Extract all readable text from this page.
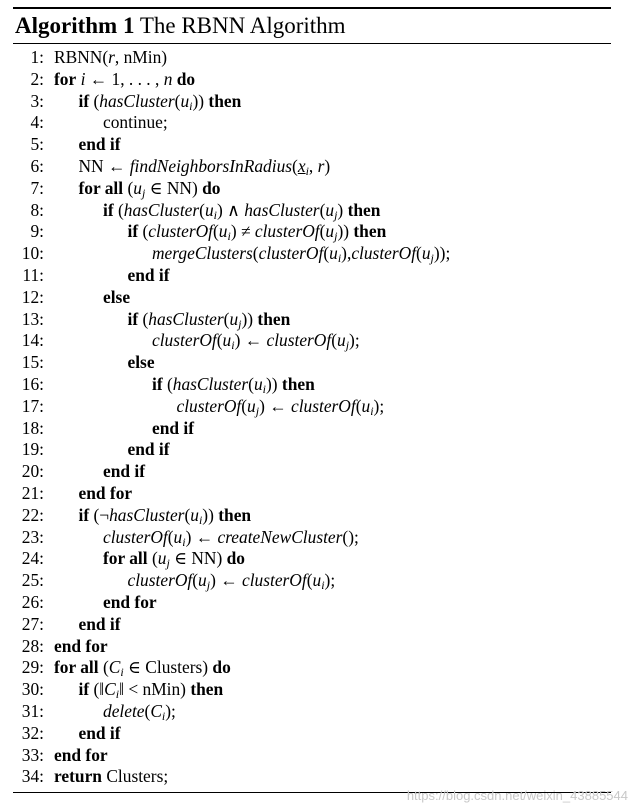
Algorithm 1 The RBNN Algorithm
1: RBNN(r, nMin)
2: for i ← 1, . . . , n do
3: if $(hasCluster(u_i))$ then
4:	continue;
5: end if
6: NN ← $findNeighborsInRadius(x_i$, r)
7: for all ($u_j$ ∈ NN) do
8:	if ($hasCluster(u_i)$ ∧ $hasCluster(u_j)$ then
9:	if ($clusterOf(u_i)$ ≠ $clusterOf(u_j)$) then
10:	$mergeClusters(clusterOf(u_i),clusterOf(u_j))$;
11:	end if
12:	else
13:	if $(hasCluster(u_j))$ then
14:	$clusterOf(u_i)$ ← $clusterOf(u_j)$;
15:	else
16:	if $(hasCluster(u_i))$ then
17:	$clusterOf(u_j)$ ← $clusterOf(u_i)$;
18:	end if
19:	end if
20:	end if
21: end for
22: if $(\neg hasCluster(u_i))$ then
23:	$clusterOf(u_i)$ ← createNewCluster();
24:	for all ($u_j$ ∈ NN) do
25:	$clusterOf(u_j)$ ← $clusterOf(u_i)$;
26:	end for
27: end if
28: end for
29: for all ($C_i$ ∈ Clusters) do
30: if ($‖C_i‖$ < nMin) then
31:	$delete(C_i)$;
32: end if
33: end for
34: return Clusters;
https://blog.csdn.net/weixin_43885544
